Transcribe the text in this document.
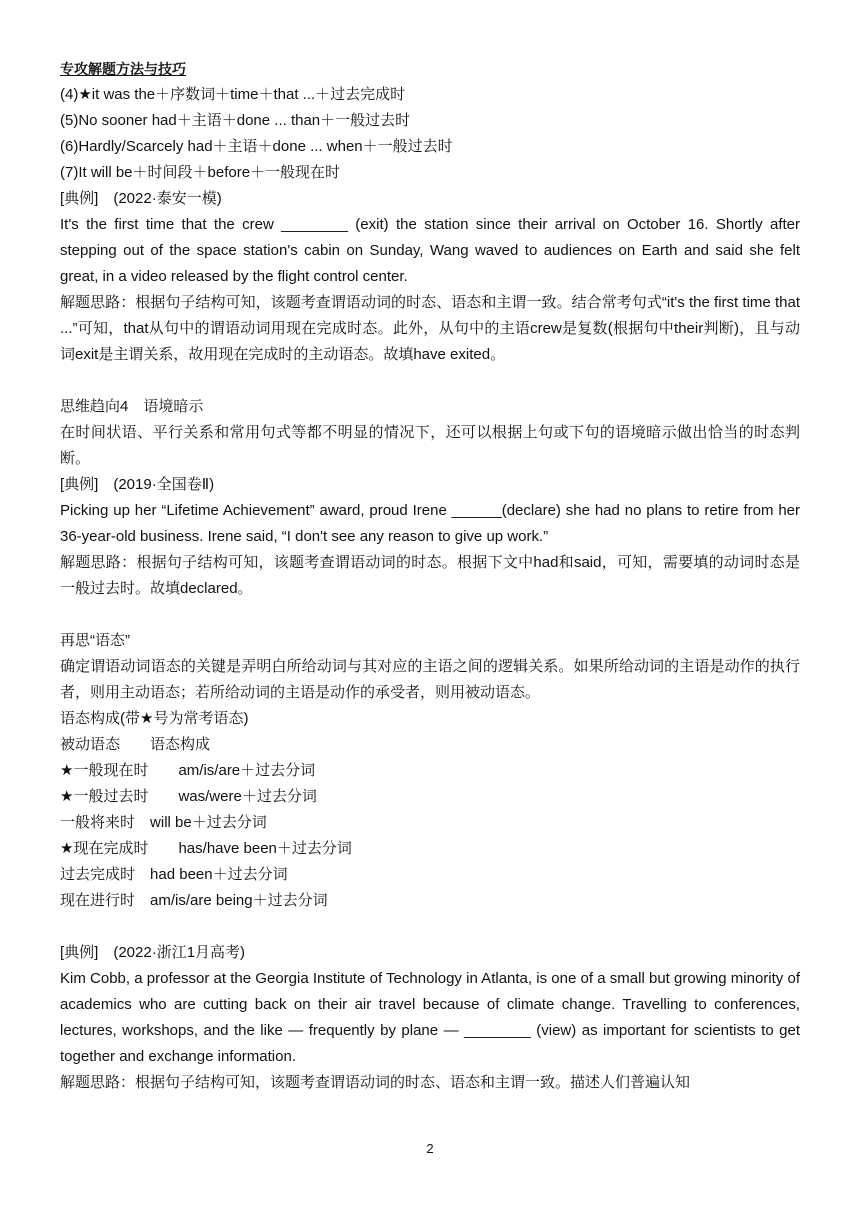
专攻解题方法与技巧

(4)★it was the＋序数词＋time＋that ...＋过去完成时

(5)No sooner had＋主语＋done ... than＋一般过去时

(6)Hardly/Scarcely had＋主语＋done ... when＋一般过去时

(7)It will be＋时间段＋before＋一般现在时

[典例]　(2022·泰安一模)

It's the first time that the crew ________ (exit) the station since their arrival on October 16. Shortly after stepping out of the space station's cabin on Sunday, Wang waved to audiences on Earth and said she felt great, in a video released by the flight control center.

解题思路：根据句子结构可知，该题考查谓语动词的时态、语态和主谓一致。结合常考句式“it's the first time that ...”可知，that从句中的谓语动词用现在完成时态。此外，从句中的主语crew是复数(根据句中their判断)，且与动词exit是主谓关系，故用现在完成时的主动语态。故填have exited。

思维趋向4　语境暗示

在时间状语、平行关系和常用句式等都不明显的情况下，还可以根据上句或下句的语境暗示做出恰当的时态判断。

[典例]　(2019·全国卷Ⅱ)

Picking up her “Lifetime Achievement” award, proud Irene ______(declare) she had no plans to retire from her 36-year-old business. Irene said, “I don't see any reason to give up work.”

解题思路：根据句子结构可知，该题考查谓语动词的时态。根据下文中had和said，可知，需要填的动词时态是一般过去时。故填declared。

再思“语态”

确定谓语动词语态的关键是弄明白所给动词与其对应的主语之间的逻辑关系。如果所给动词的主语是动作的执行者，则用主动语态；若所给动词的主语是动作的承受者，则用被动语态。

语态构成(带★号为常考语态)

被动语态　　 语态构成

★一般现在时　　 am/is/are＋过去分词

★一般过去时　　 was/were＋过去分词

一般将来时　 will be＋过去分词

★现在完成时　　 has/have been＋过去分词

过去完成时　 had been＋过去分词

现在进行时　 am/is/are being＋过去分词

[典例]　(2022·浙江1月高考)

Kim Cobb, a professor at the Georgia Institute of Technology in Atlanta, is one of a small but growing minority of academics who are cutting back on their air travel because of climate change. Travelling to conferences, lectures, workshops, and the like — frequently by plane — ________ (view) as important for scientists to get together and exchange information.

解题思路：根据句子结构可知，该题考查谓语动词的时态、语态和主谓一致。描述人们普遍认知

2
